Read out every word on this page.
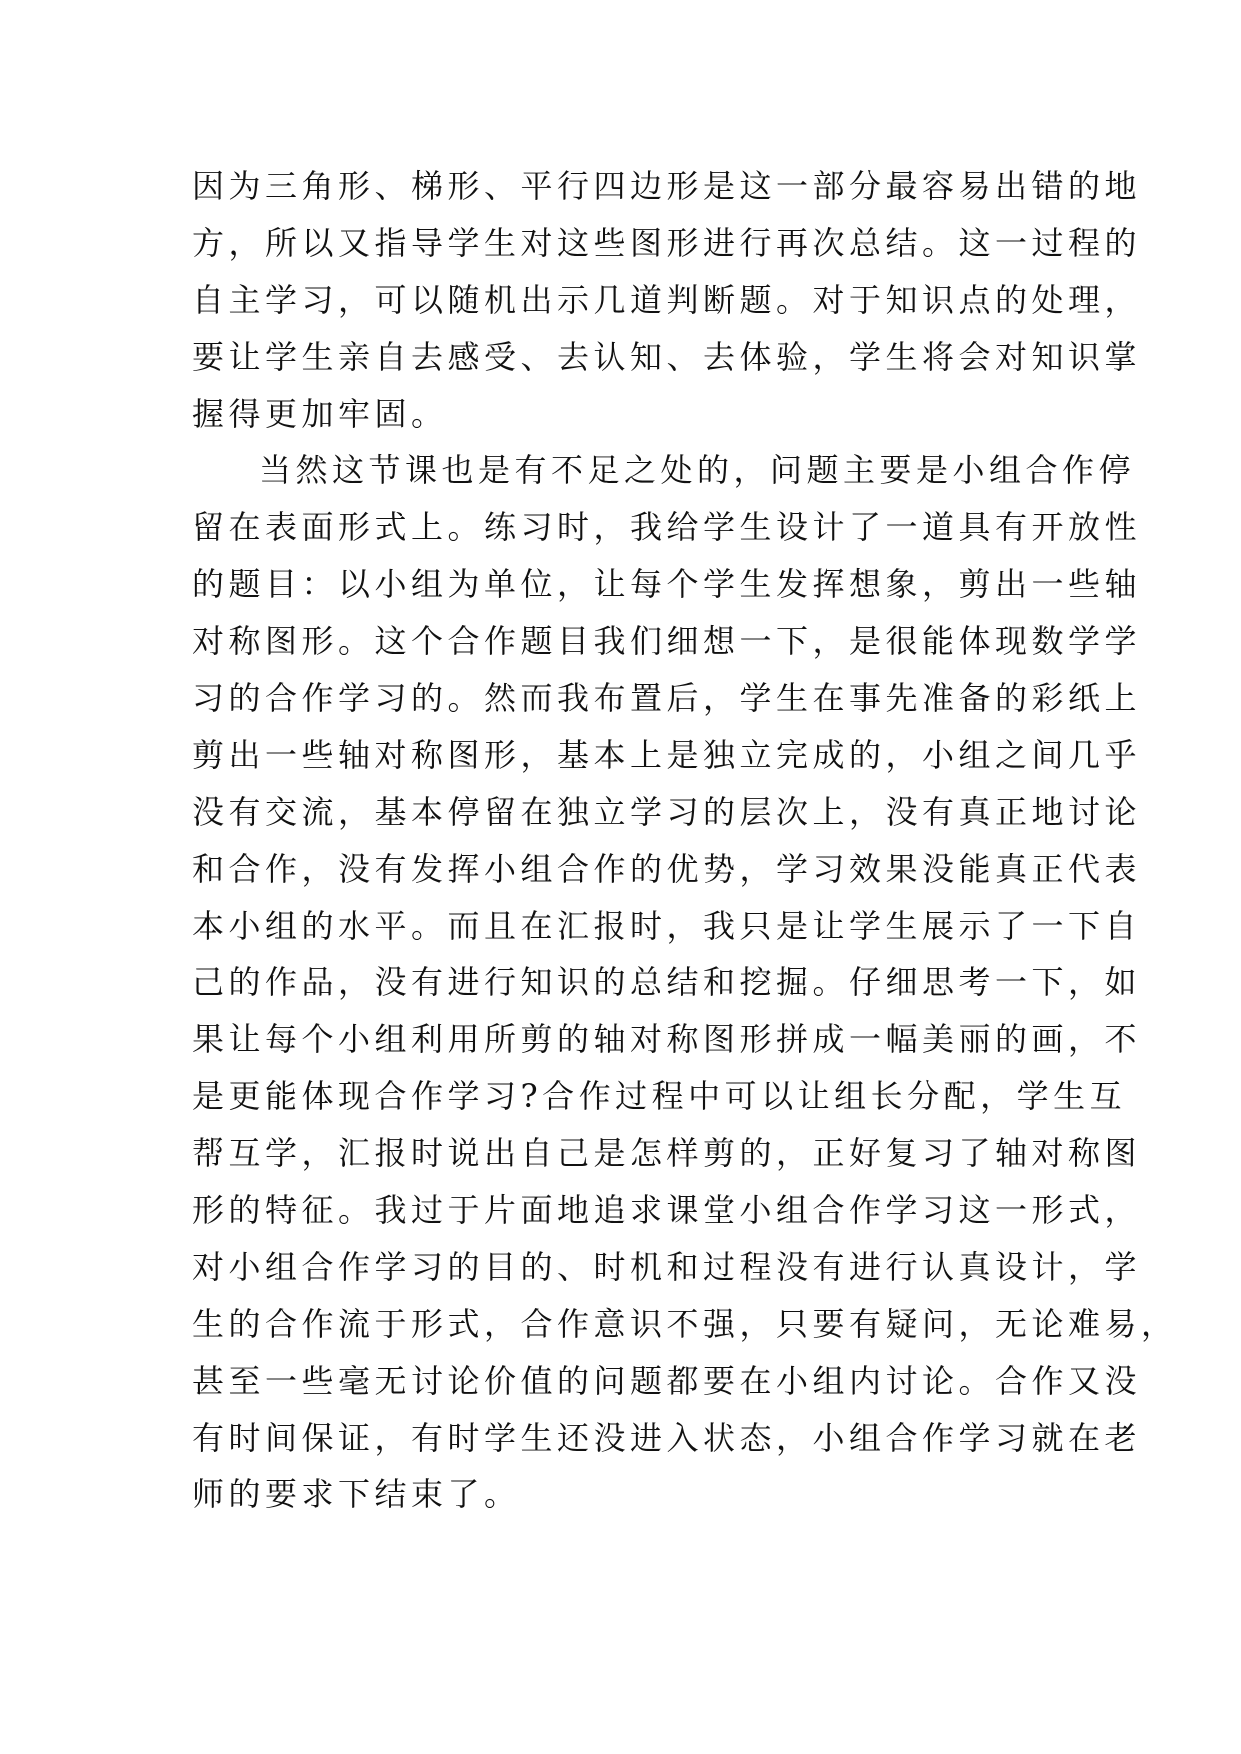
因为三角形、梯形、平行四边形是这一部分最容易出错的地
方，所以又指导学生对这些图形进行再次总结。这一过程的
自主学习，可以随机出示几道判断题。对于知识点的处理，
要让学生亲自去感受、去认知、去体验，学生将会对知识掌
握得更加牢固。
当然这节课也是有不足之处的，问题主要是小组合作停
留在表面形式上。练习时，我给学生设计了一道具有开放性
的题目：以小组为单位，让每个学生发挥想象，剪出一些轴
对称图形。这个合作题目我们细想一下，是很能体现数学学
习的合作学习的。然而我布置后，学生在事先准备的彩纸上
剪出一些轴对称图形，基本上是独立完成的，小组之间几乎
没有交流，基本停留在独立学习的层次上，没有真正地讨论
和合作，没有发挥小组合作的优势，学习效果没能真正代表
本小组的水平。而且在汇报时，我只是让学生展示了一下自
己的作品，没有进行知识的总结和挖掘。仔细思考一下，如
果让每个小组利用所剪的轴对称图形拼成一幅美丽的画，不
是更能体现合作学习?合作过程中可以让组长分配，学生互
帮互学，汇报时说出自己是怎样剪的，正好复习了轴对称图
形的特征。我过于片面地追求课堂小组合作学习这一形式，
对小组合作学习的目的、时机和过程没有进行认真设计，学
生的合作流于形式，合作意识不强，只要有疑问，无论难易，
甚至一些毫无讨论价值的问题都要在小组内讨论。合作又没
有时间保证，有时学生还没进入状态，小组合作学习就在老
师的要求下结束了。
